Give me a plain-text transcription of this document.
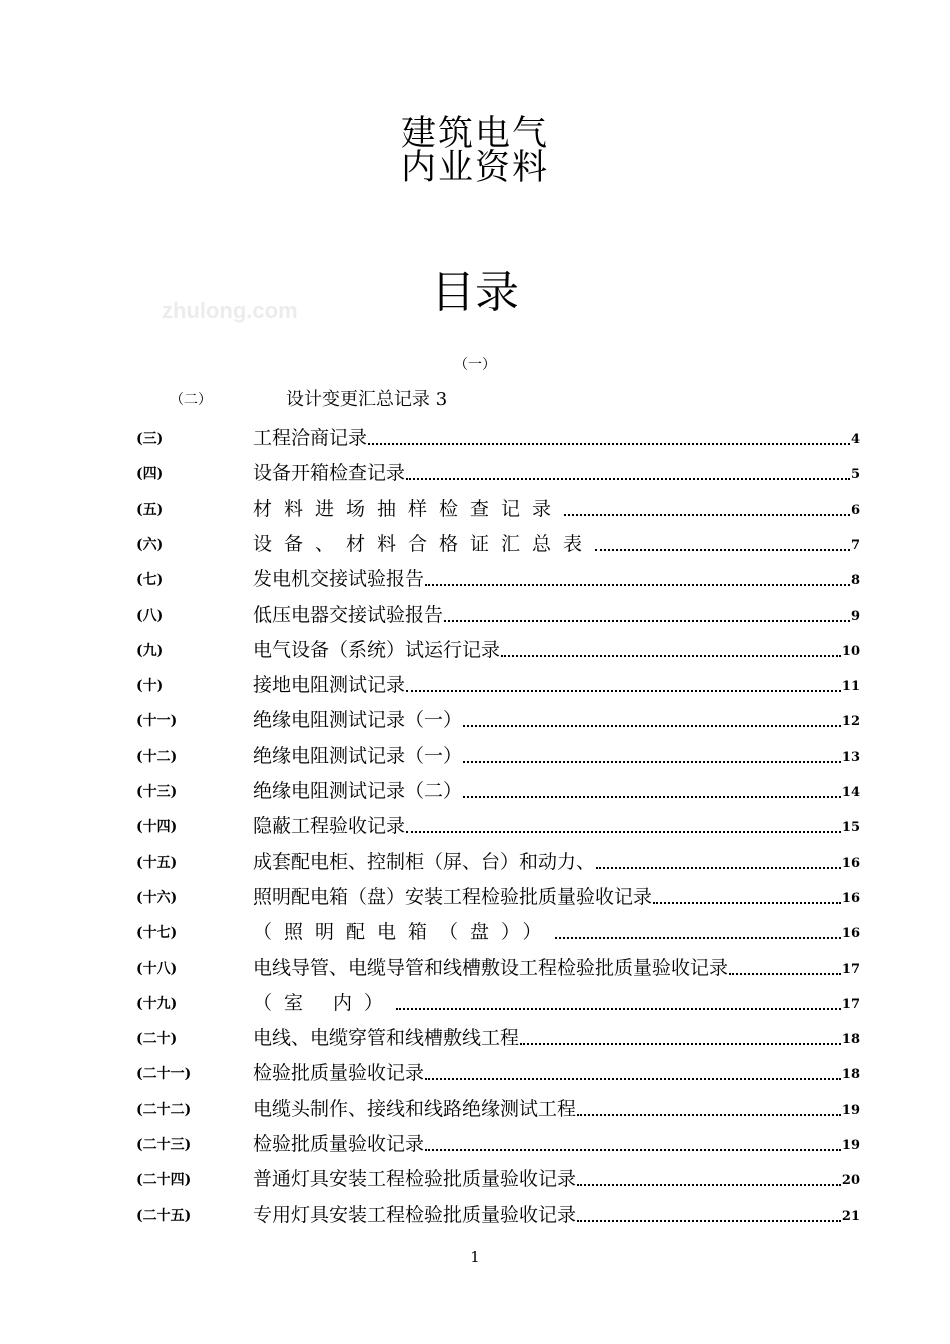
建筑电气
内业资料
zhulong.com	目录
（一）
（二）	设计变更汇总记录 3
(三)	工程洽商记录	4
(四)	设备开箱检查记录	5
(五)	材料进场抽样检查记录	6
(六)	设备、材料合格证汇总表	7
(七)	发电机交接试验报告	8
(八)	低压电器交接试验报告	9
(九)	电气设备（系统）试运行记录	10
(十)	接地电阻测试记录	11
(十一)	绝缘电阻测试记录（一）	12
(十二)	绝缘电阻测试记录（一）	13
(十三)	绝缘电阻测试记录（二）	14
(十四)	隐蔽工程验收记录	15
(十五)	成套配电柜、控制柜（屏、台）和动力、	16
(十六)	照明配电箱（盘）安装工程检验批质量验收记录	16
(十七)	（照明配电箱（盘））	16
(十八)	电线导管、电缆导管和线槽敷设工程检验批质量验收记录	17
(十九)	（室 内）	17
(二十)	电线、电缆穿管和线槽敷线工程	18
(二十一)	检验批质量验收记录	18
(二十二)	电缆头制作、接线和线路绝缘测试工程	19
(二十三)	检验批质量验收记录	19
(二十四)	普通灯具安装工程检验批质量验收记录	20
(二十五)	专用灯具安装工程检验批质量验收记录	21
1
